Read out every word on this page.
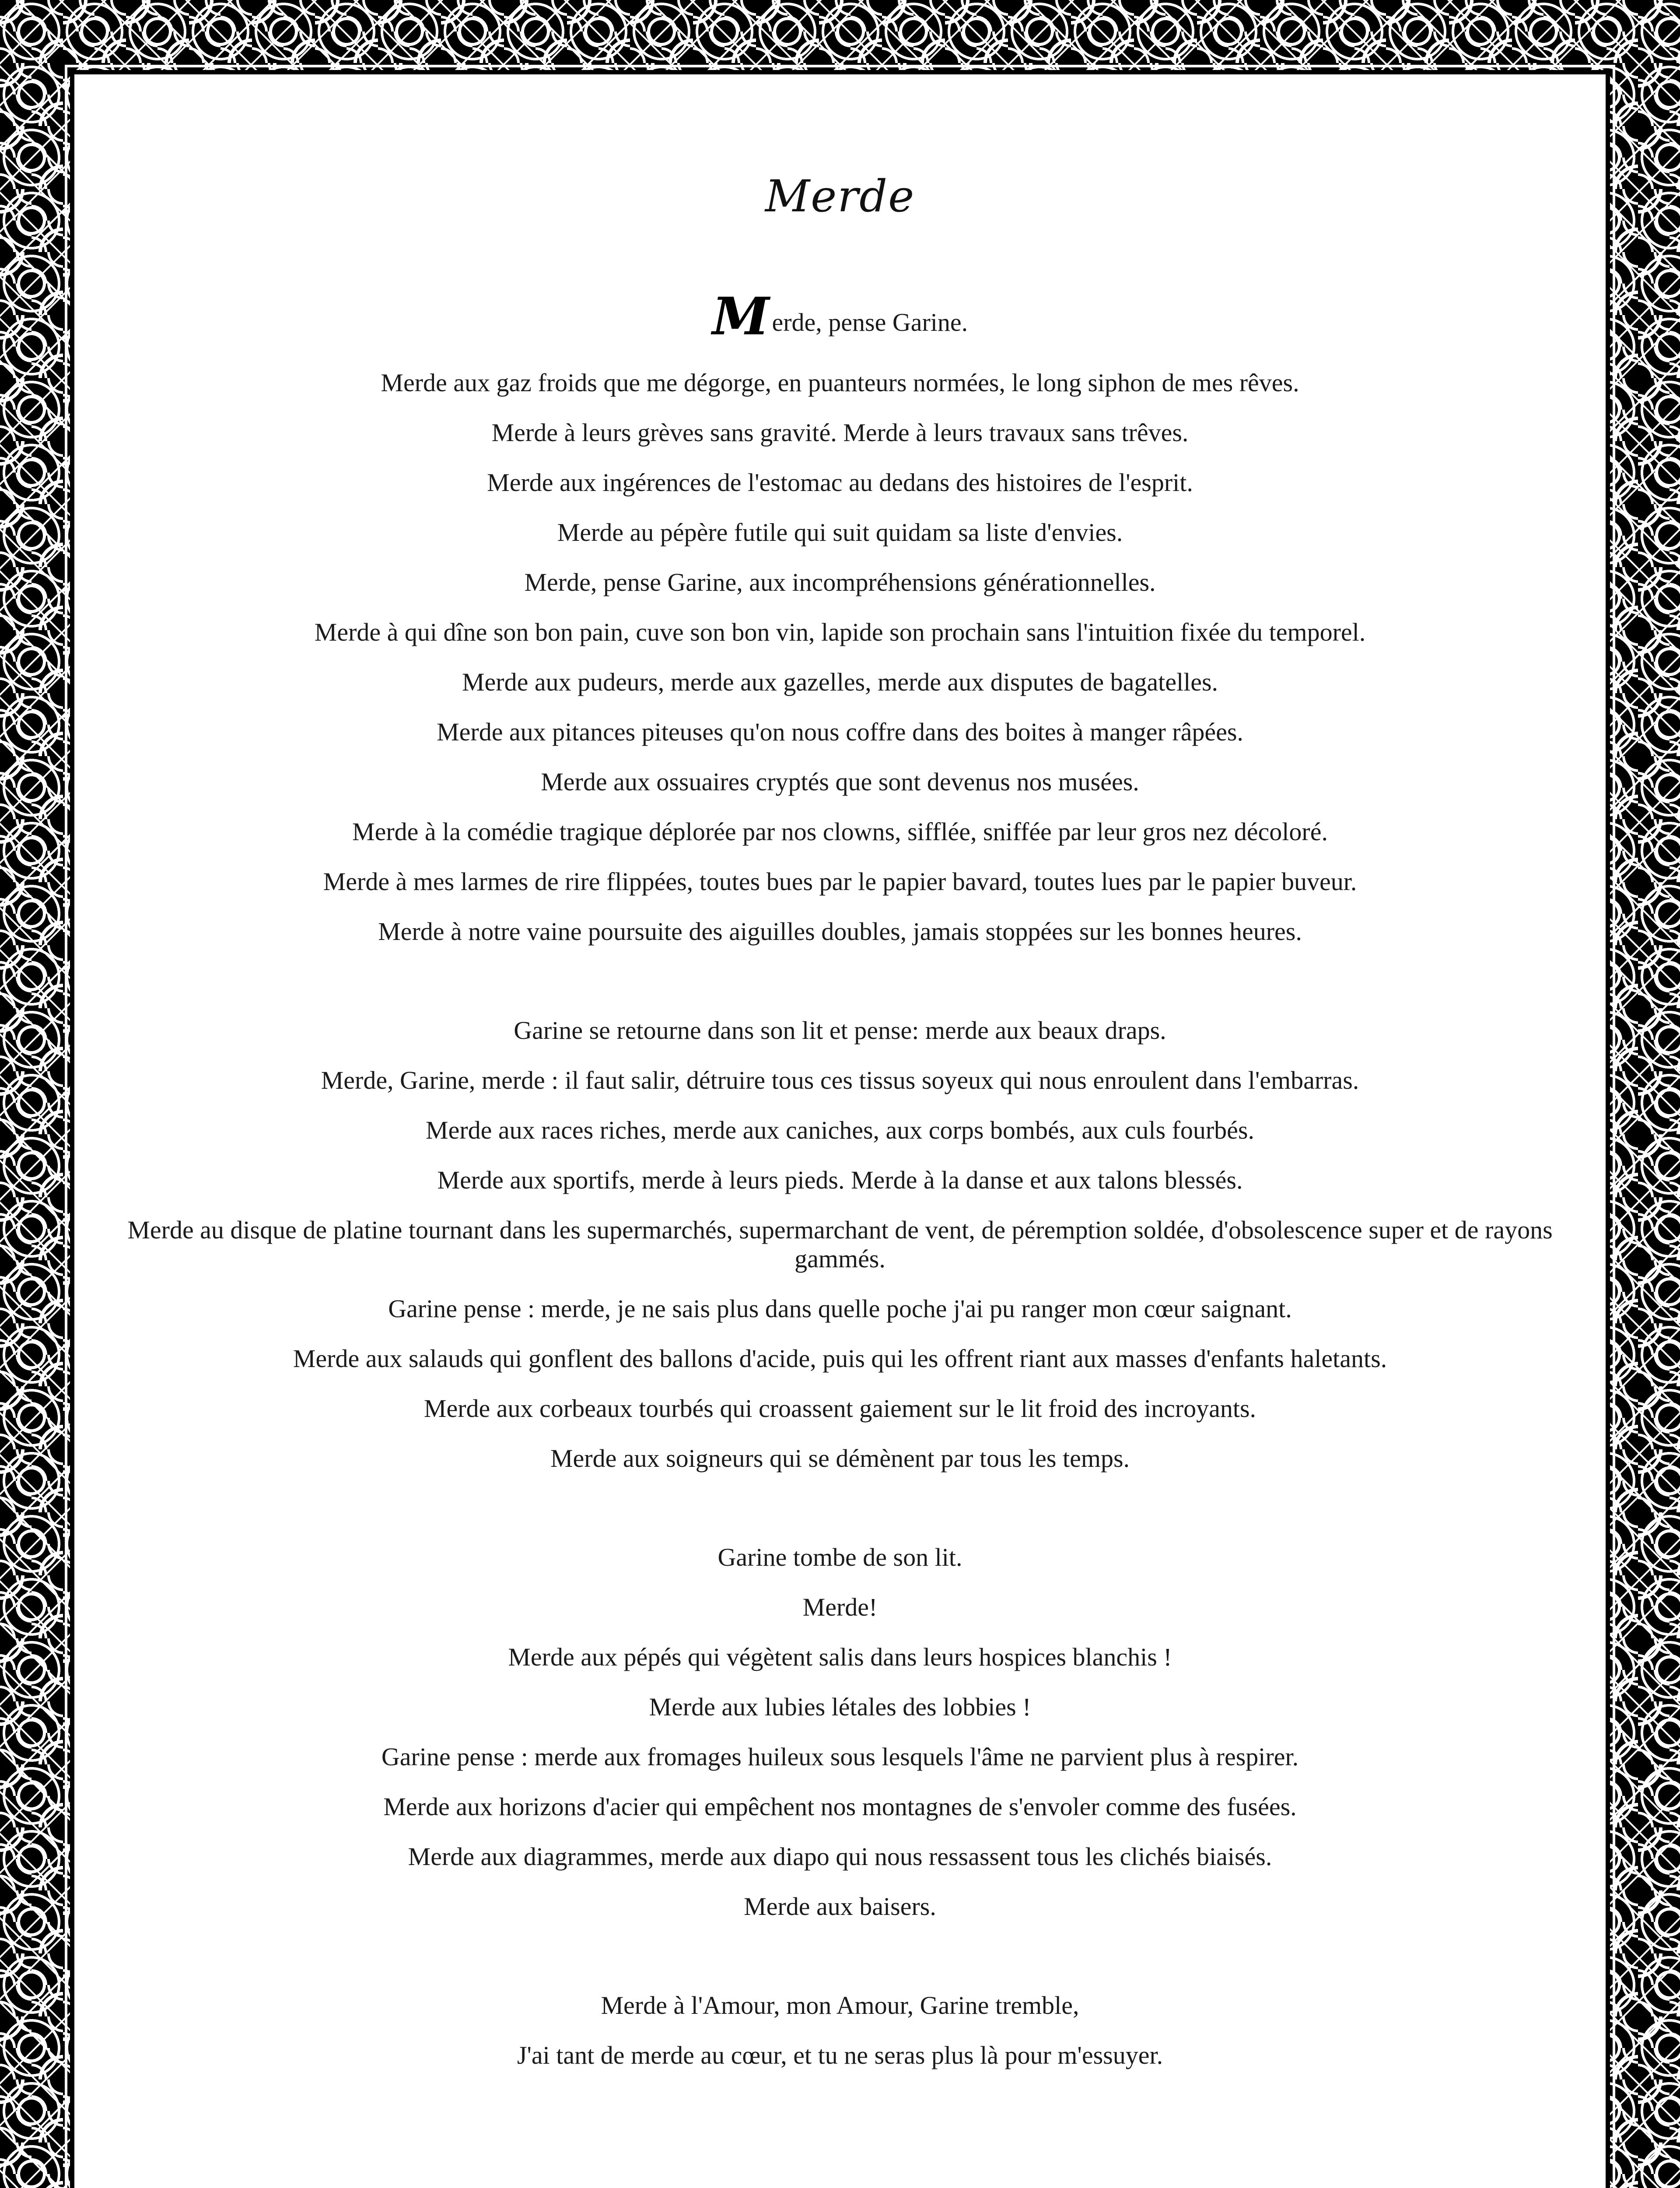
Merde
Merde, pense Garine.
Merde aux gaz froids que me dégorge, en puanteurs normées, le long siphon de mes rêves.
Merde à leurs grèves sans gravité. Merde à leurs travaux sans trêves.
Merde aux ingérences de l'estomac au dedans des histoires de l'esprit.
Merde au pépère futile qui suit quidam sa liste d'envies.
Merde, pense Garine, aux incompréhensions générationnelles.
Merde à qui dîne son bon pain, cuve son bon vin, lapide son prochain sans l'intuition fixée du temporel.
Merde aux pudeurs, merde aux gazelles, merde aux disputes de bagatelles.
Merde aux pitances piteuses qu'on nous coffre dans des boites à manger râpées.
Merde aux ossuaires cryptés que sont devenus nos musées.
Merde à la comédie tragique déplorée par nos clowns, sifflée, sniffée par leur gros nez décoloré.
Merde à mes larmes de rire flippées, toutes bues par le papier bavard, toutes lues par le papier buveur.
Merde à notre vaine poursuite des aiguilles doubles, jamais stoppées sur les bonnes heures.
Garine se retourne dans son lit et pense: merde aux beaux draps.
Merde, Garine, merde : il faut salir, détruire tous ces tissus soyeux qui nous enroulent dans l'embarras.
Merde aux races riches, merde aux caniches, aux corps bombés, aux culs fourbés.
Merde aux sportifs, merde à leurs pieds. Merde à la danse et aux talons blessés.
Merde au disque de platine tournant dans les supermarchés, supermarchant de vent, de péremption soldée, d'obsolescence super et de rayons gammés.
Garine pense : merde, je ne sais plus dans quelle poche j'ai pu ranger mon cœur saignant.
Merde aux salauds qui gonflent des ballons d'acide, puis qui les offrent riant aux masses d'enfants haletants.
Merde aux corbeaux tourbés qui croassent gaiement sur le lit froid des incroyants.
Merde aux soigneurs qui se démènent par tous les temps.
Garine tombe de son lit.
Merde!
Merde aux pépés qui végètent salis dans leurs hospices blanchis !
Merde aux lubies létales des lobbies !
Garine pense : merde aux fromages huileux sous lesquels l'âme ne parvient plus à respirer.
Merde aux horizons d'acier qui empêchent nos montagnes de s'envoler comme des fusées.
Merde aux diagrammes, merde aux diapo qui nous ressassent tous les clichés biaisés.
Merde aux baisers.
Merde à l'Amour, mon Amour, Garine tremble,
J'ai tant de merde au cœur, et tu ne seras plus là pour m'essuyer.
